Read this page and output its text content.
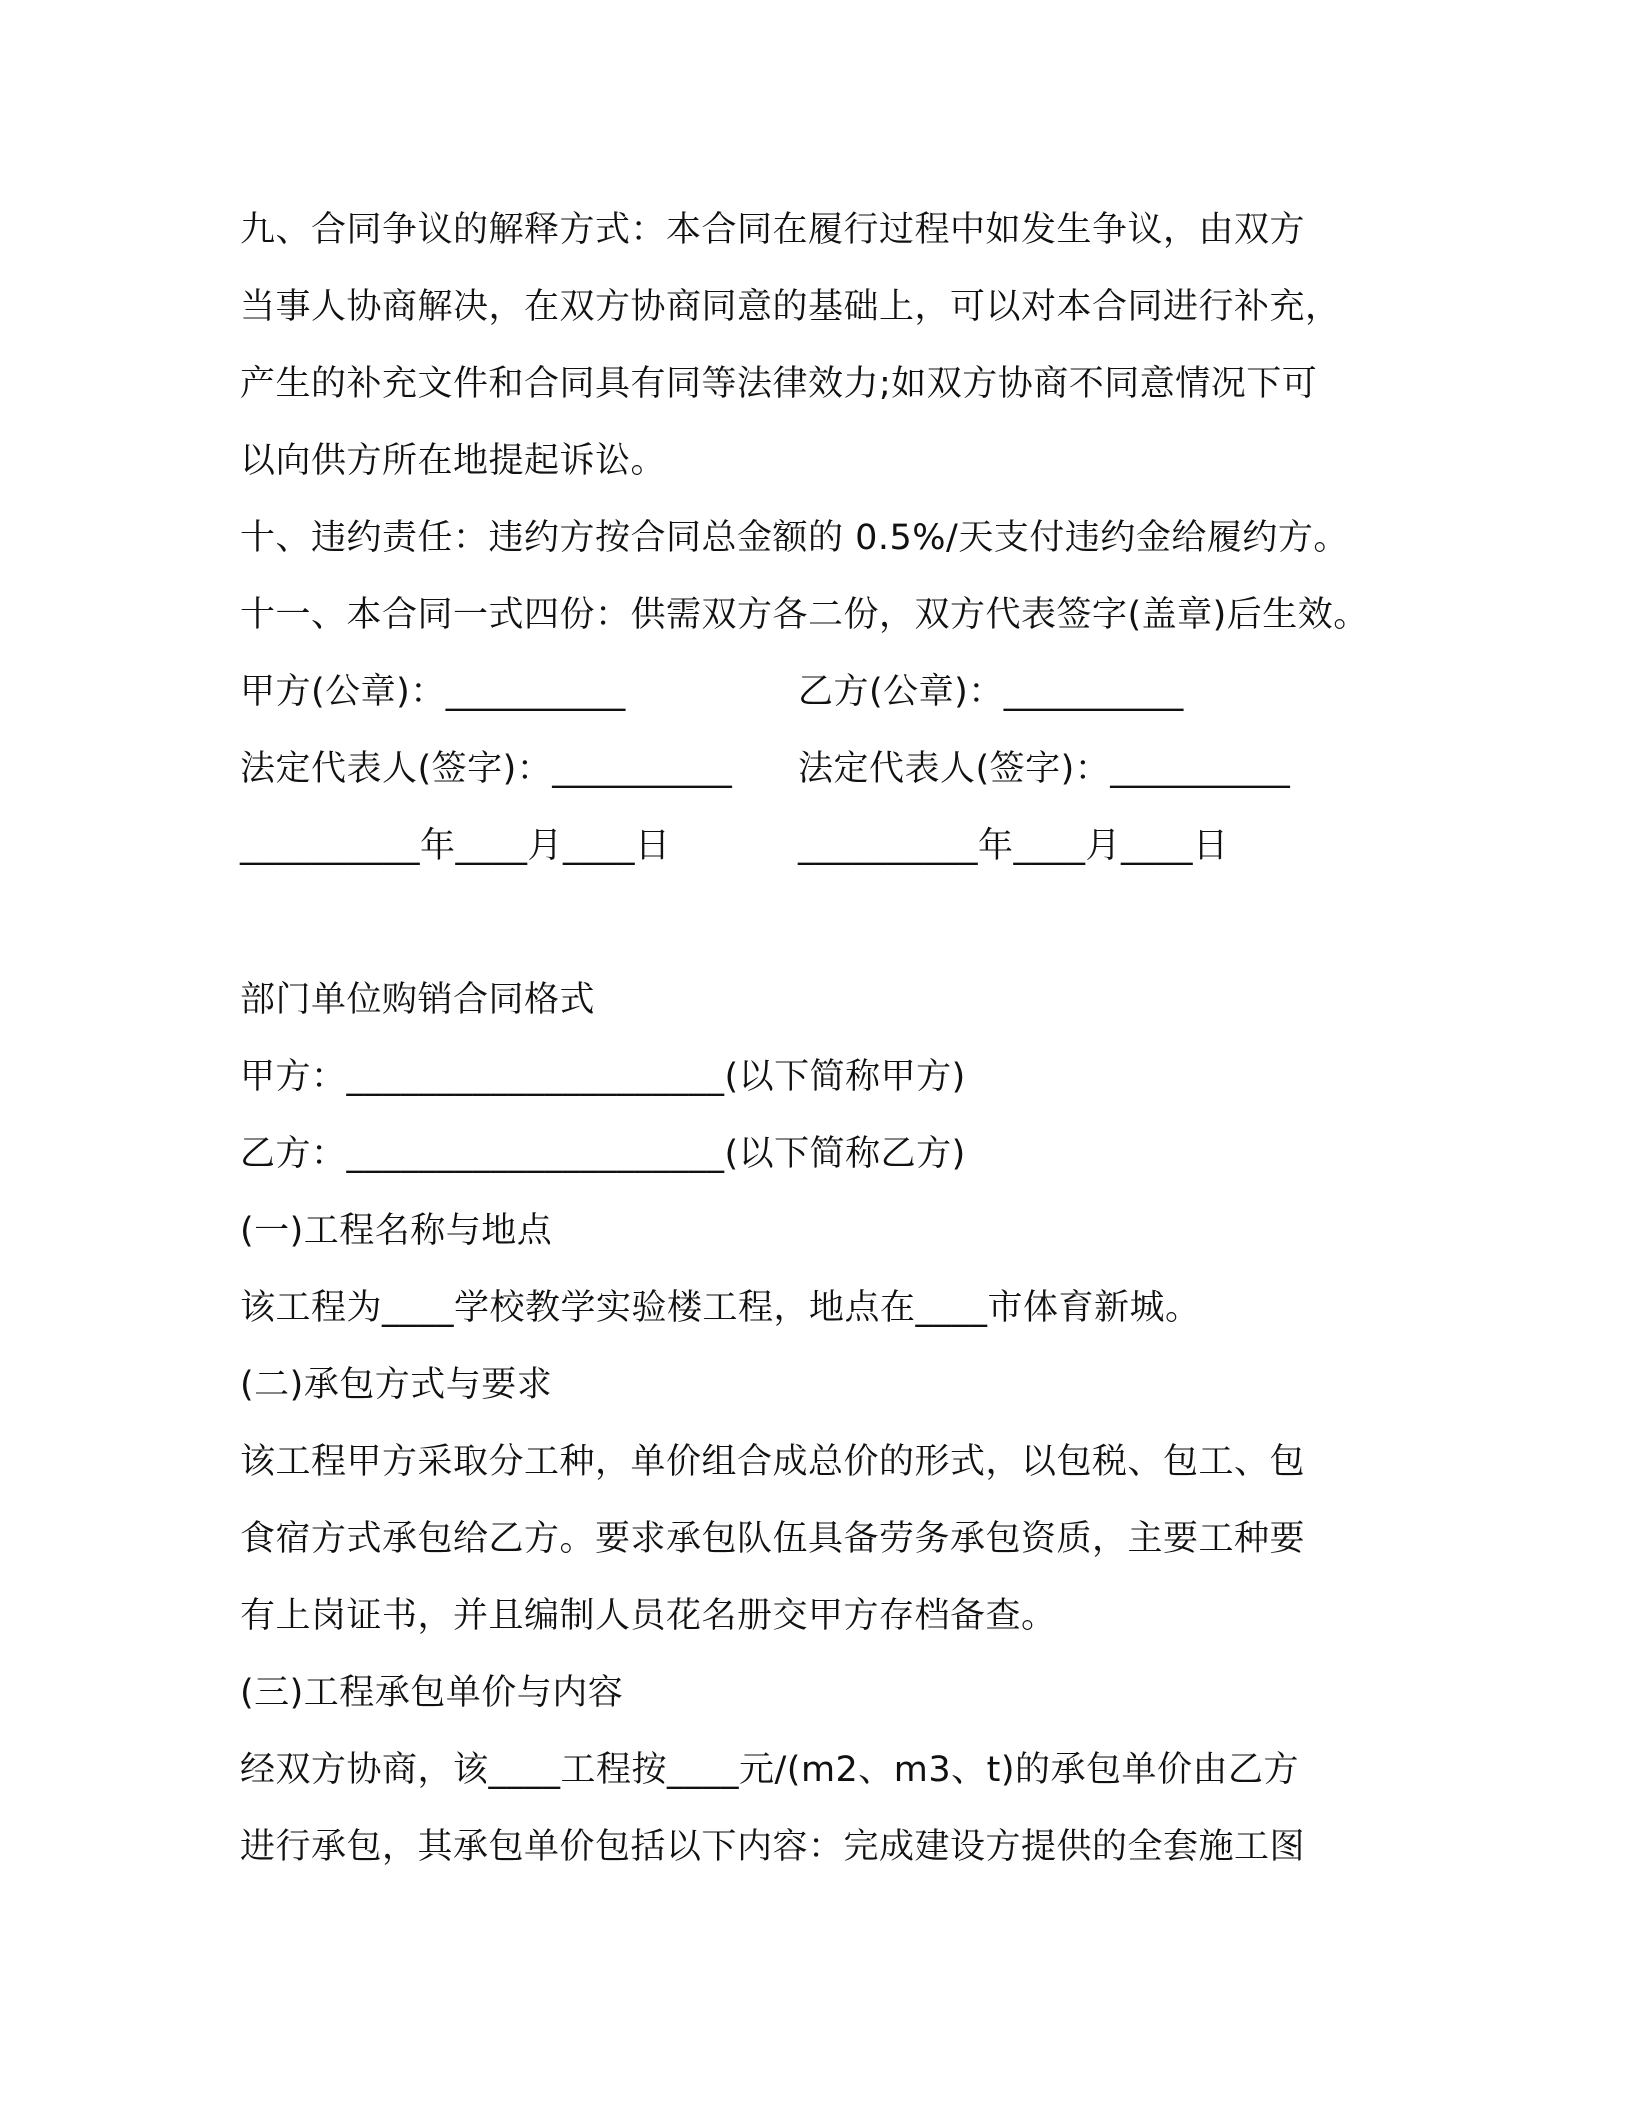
九、合同争议的解释方式：本合同在履行过程中如发生争议，由双方
当事人协商解决，在双方协商同意的基础上，可以对本合同进行补充，
产生的补充文件和合同具有同等法律效力;如双方协商不同意情况下可
以向供方所在地提起诉讼。
十、违约责任：违约方按合同总金额的 0.5%/天支付违约金给履约方。
十一、本合同一式四份：供需双方各二份，双方代表签字(盖章)后生效。
甲方(公章)：__________	乙方(公章)：__________
法定代表人(签字)：__________	法定代表人(签字)：__________
__________年____月____日	__________年____月____日
部门单位购销合同格式
甲方：_____________________(以下简称甲方)
乙方：_____________________(以下简称乙方)
(一)工程名称与地点
该工程为____学校教学实验楼工程，地点在____市体育新城。
(二)承包方式与要求
该工程甲方采取分工种，单价组合成总价的形式，以包税、包工、包
食宿方式承包给乙方。要求承包队伍具备劳务承包资质，主要工种要
有上岗证书，并且编制人员花名册交甲方存档备查。
(三)工程承包单价与内容
经双方协商，该____工程按____元/(m2、m3、t)的承包单价由乙方
进行承包，其承包单价包括以下内容：完成建设方提供的全套施工图
